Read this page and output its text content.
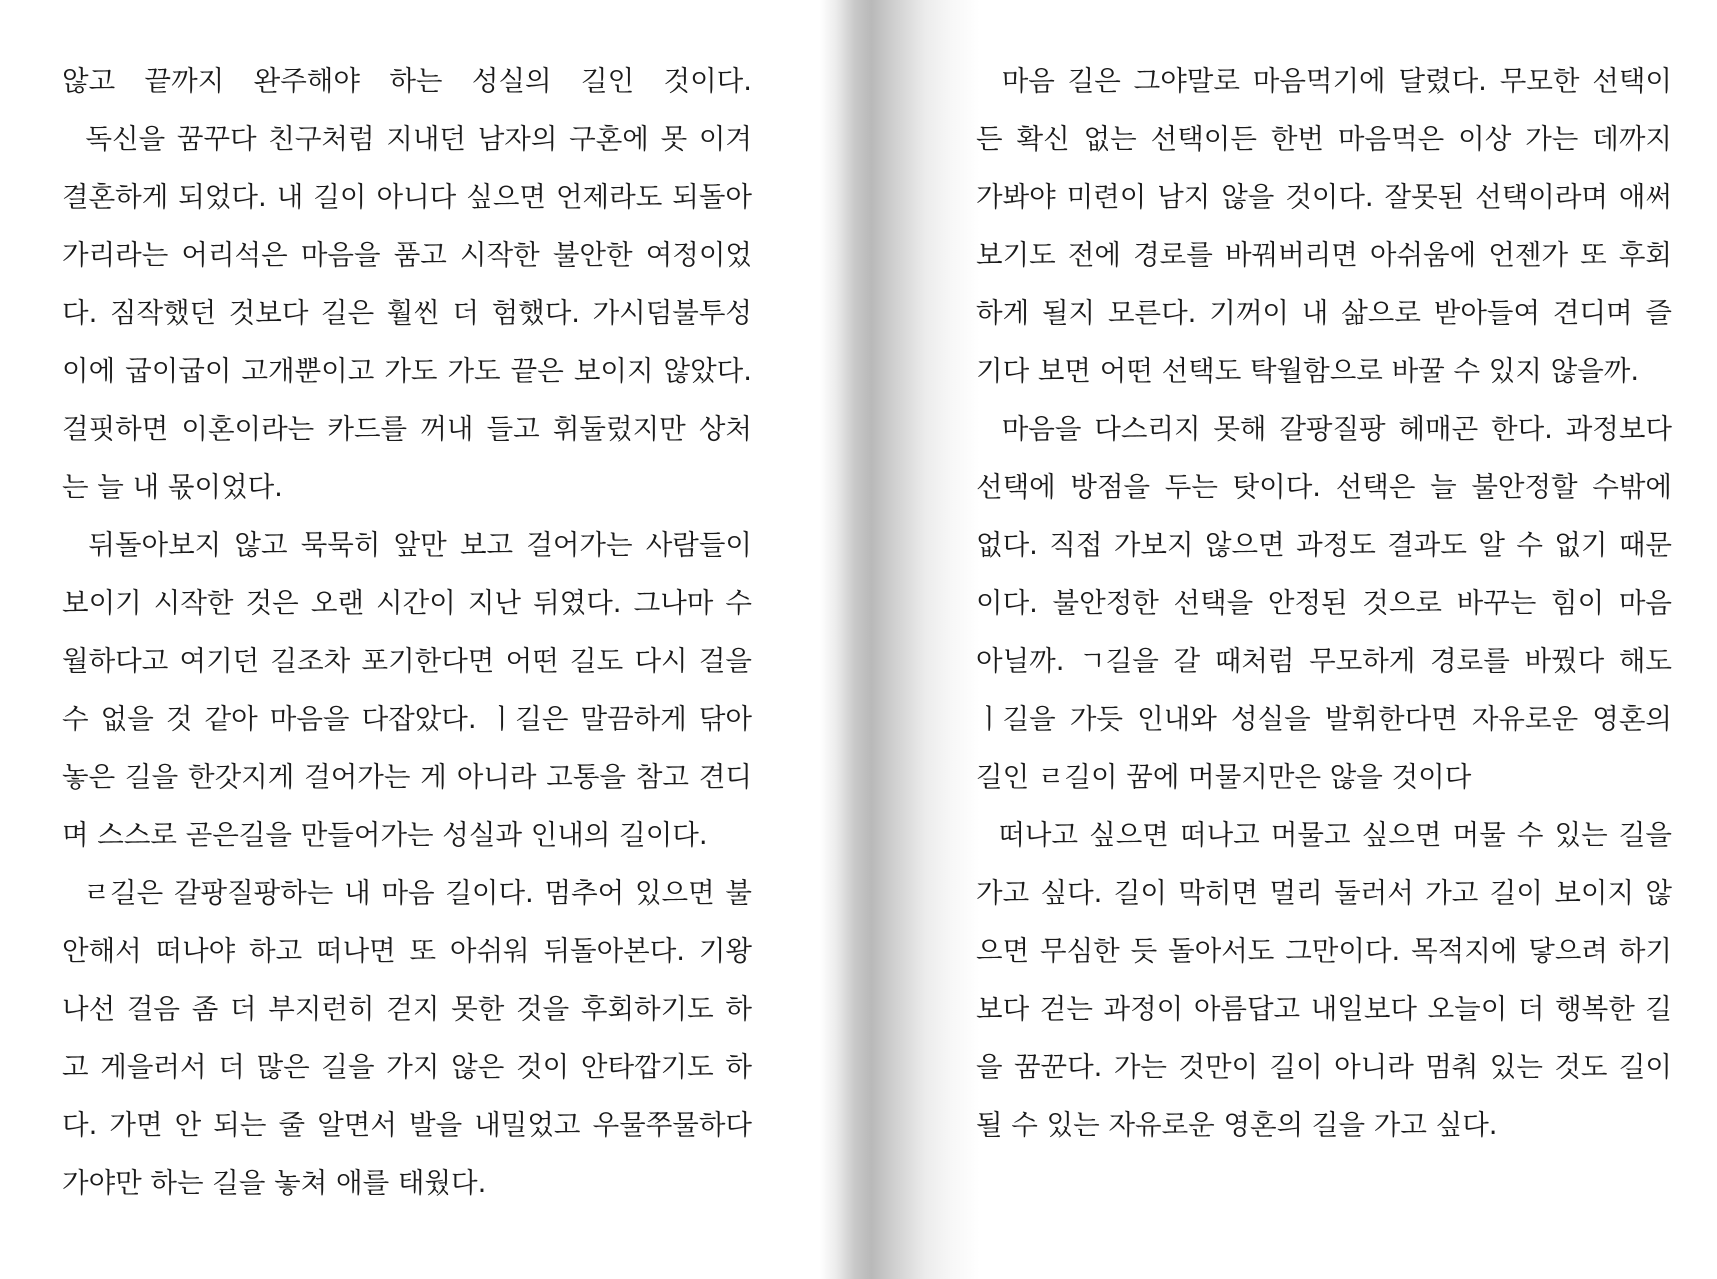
않고 끝까지 완주해야 하는 성실의 길인 것이다.
독신을 꿈꾸다 친구처럼 지내던 남자의 구혼에 못 이겨
결혼하게 되었다. 내 길이 아니다 싶으면 언제라도 되돌아
가리라는 어리석은 마음을 품고 시작한 불안한 여정이었
다. 짐작했던 것보다 길은 훨씬 더 험했다. 가시덤불투성
이에 굽이굽이 고개뿐이고 가도 가도 끝은 보이지 않았다.
걸핏하면 이혼이라는 카드를 꺼내 들고 휘둘렀지만 상처
는 늘 내 몫이었다.
뒤돌아보지 않고 묵묵히 앞만 보고 걸어가는 사람들이
보이기 시작한 것은 오랜 시간이 지난 뒤였다. 그나마 수
월하다고 여기던 길조차 포기한다면 어떤 길도 다시 걸을
수 없을 것 같아 마음을 다잡았다. ㅣ길은 말끔하게 닦아
놓은 길을 한갓지게 걸어가는 게 아니라 고통을 참고 견디
며 스스로 곧은길을 만들어가는 성실과 인내의 길이다.
ㄹ길은 갈팡질팡하는 내 마음 길이다. 멈추어 있으면 불
안해서 떠나야 하고 떠나면 또 아쉬워 뒤돌아본다. 기왕
나선 걸음 좀 더 부지런히 걷지 못한 것을 후회하기도 하
고 게을러서 더 많은 길을 가지 않은 것이 안타깝기도 하
다. 가면 안 되는 줄 알면서 발을 내밀었고 우물쭈물하다
가야만 하는 길을 놓쳐 애를 태웠다.
마음 길은 그야말로 마음먹기에 달렸다. 무모한 선택이
든 확신 없는 선택이든 한번 마음먹은 이상 가는 데까지
가봐야 미련이 남지 않을 것이다. 잘못된 선택이라며 애써
보기도 전에 경로를 바꿔버리면 아쉬움에 언젠가 또 후회
하게 될지 모른다. 기꺼이 내 삶으로 받아들여 견디며 즐
기다 보면 어떤 선택도 탁월함으로 바꿀 수 있지 않을까.
마음을 다스리지 못해 갈팡질팡 헤매곤 한다. 과정보다
선택에 방점을 두는 탓이다. 선택은 늘 불안정할 수밖에
없다. 직접 가보지 않으면 과정도 결과도 알 수 없기 때문
이다. 불안정한 선택을 안정된 것으로 바꾸는 힘이 마음
아닐까. ㄱ길을 갈 때처럼 무모하게 경로를 바꿨다 해도
ㅣ길을 가듯 인내와 성실을 발휘한다면 자유로운 영혼의
길인 ㄹ길이 꿈에 머물지만은 않을 것이다
떠나고 싶으면 떠나고 머물고 싶으면 머물 수 있는 길을
가고 싶다. 길이 막히면 멀리 둘러서 가고 길이 보이지 않
으면 무심한 듯 돌아서도 그만이다. 목적지에 닿으려 하기
보다 걷는 과정이 아름답고 내일보다 오늘이 더 행복한 길
을 꿈꾼다. 가는 것만이 길이 아니라 멈춰 있는 것도 길이
될 수 있는 자유로운 영혼의 길을 가고 싶다.
